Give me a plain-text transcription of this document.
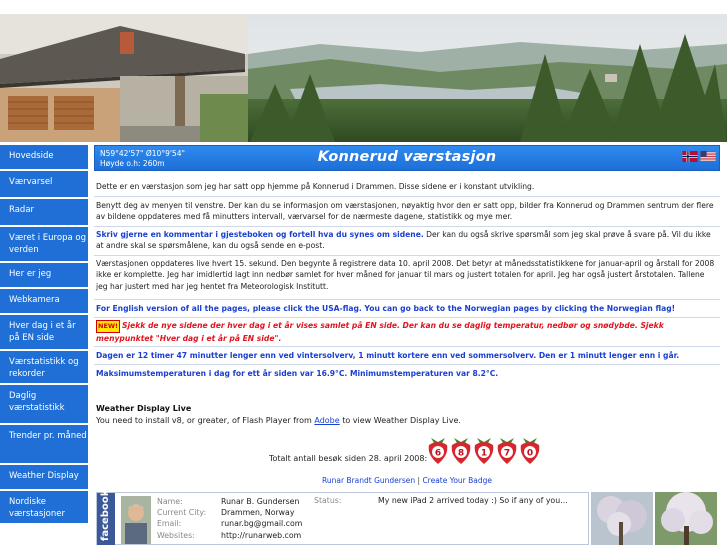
Hovedside
Værvarsel
Radar
Været i Europa og verden
Her er jeg
Webkamera
Hver dag i et år på EN side
Værstatistikk og rekorder
Daglig værstatistikk
Trender pr. måned
Weather Display
Nordiske værstasjoner
N59°42'57" Ø10°9'54"
Høyde o.h: 260m	Konnerud værstasjon

Dette er en værstasjon som jeg har satt opp hjemme på Konnerud i Drammen. Disse sidene er i konstant utvikling.

Benytt deg av menyen til venstre. Der kan du se informasjon om værstasjonen, nøyaktig hvor den er satt opp, bilder fra Konnerud og Drammen sentrum der flere av bildene oppdateres med få minutters intervall, værvarsel for de nærmeste dagene, statistikk og mye mer.

Skriv gjerne en kommentar i gjesteboken og fortell hva du synes om sidene. Der kan du også skrive spørsmål som jeg skal prøve å svare på. Vil du ikke at andre skal se spørsmålene, kan du også sende en e-post.

Værstasjonen oppdateres live hvert 15. sekund. Den begynte å registrere data 10. april 2008. Det betyr at månedsstatistikkene for januar-april og årstall for 2008 ikke er komplette. Jeg har imidlertid lagt inn nedbør samlet for hver måned for januar til mars og justert totalen for april. Jeg har også justert årstotalen. Tallene jeg har justert med har jeg hentet fra Meteorologisk Institutt.

For English version of all the pages, please click the USA-flag. You can go back to the Norwegian pages by clicking the Norwegian flag!

NEW! Sjekk de nye sidene der hver dag i et år vises samlet på EN side. Der kan du se daglig temperatur, nedbør og snødybde. Sjekk menypunktet "Hver dag i et år på EN side".

Dagen er 12 timer 47 minutter lenger enn ved vintersolverv, 1 minutt kortere enn ved sommersolverv. Den er 1 minutt lenger enn i går.

Maksimumstemperaturen i dag for ett år siden var 16.9°C. Minimumstemperaturen var 8.2°C.

Weather Display Live
You need to install v8, or greater, of Flash Player from Adobe to view Weather Display Live.
Totalt antall besøk siden 28. april 2008: 6 8 1 7 0
Runar Brandt Gundersen | Create Your Badge
facebook	Name:	Runar B. Gundersen
Current City:	Drammen, Norway
Email:	runar.bg@gmail.com
Websites:	http://runarweb.com
Status:	My new iPad 2 arrived today :) So if any of you...
